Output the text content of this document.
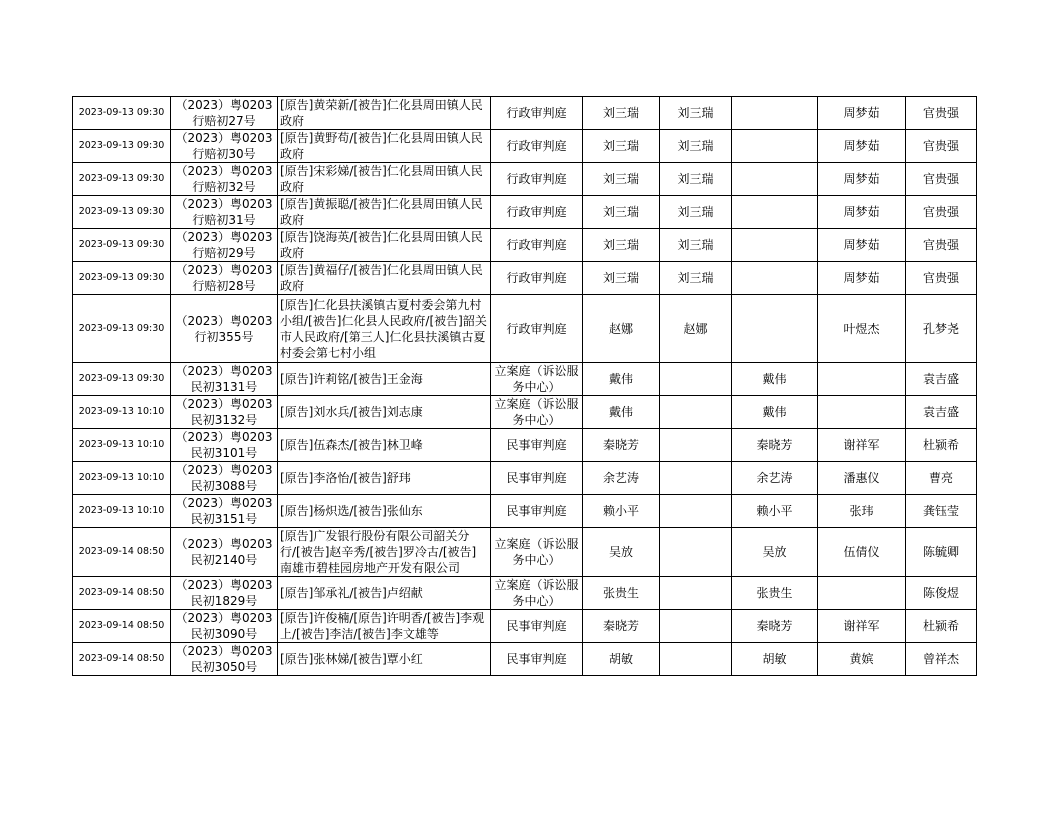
2023-09-13 09:30	（2023）粤0203行赔初27号	[原告]黄荣新/[被告]仁化县周田镇人民政府	行政审判庭	刘三瑞	刘三瑞		周梦茹	官贵强
2023-09-13 09:30	（2023）粤0203行赔初30号	[原告]黄野苟/[被告]仁化县周田镇人民政府	行政审判庭	刘三瑞	刘三瑞		周梦茹	官贵强
2023-09-13 09:30	（2023）粤0203行赔初32号	[原告]宋彩娣/[被告]仁化县周田镇人民政府	行政审判庭	刘三瑞	刘三瑞		周梦茹	官贵强
2023-09-13 09:30	（2023）粤0203行赔初31号	[原告]黄振聪/[被告]仁化县周田镇人民政府	行政审判庭	刘三瑞	刘三瑞		周梦茹	官贵强
2023-09-13 09:30	（2023）粤0203行赔初29号	[原告]饶海英/[被告]仁化县周田镇人民政府	行政审判庭	刘三瑞	刘三瑞		周梦茹	官贵强
2023-09-13 09:30	（2023）粤0203行赔初28号	[原告]黄福仔/[被告]仁化县周田镇人民政府	行政审判庭	刘三瑞	刘三瑞		周梦茹	官贵强
2023-09-13 09:30	（2023）粤0203行初355号	[原告]仁化县扶溪镇古夏村委会第九村小组/[被告]仁化县人民政府/[被告]韶关市人民政府/[第三人]仁化县扶溪镇古夏村委会第七村小组	行政审判庭	赵娜	赵娜		叶煜杰	孔梦尧
2023-09-13 09:30	（2023）粤0203民初3131号	[原告]许莉铭/[被告]王金海	立案庭（诉讼服务中心）	戴伟		戴伟		袁吉盛
2023-09-13 10:10	（2023）粤0203民初3132号	[原告]刘水兵/[被告]刘志康	立案庭（诉讼服务中心）	戴伟		戴伟		袁吉盛
2023-09-13 10:10	（2023）粤0203民初3101号	[原告]伍森杰/[被告]林卫峰	民事审判庭	秦晓芳		秦晓芳	谢祥军	杜颍希
2023-09-13 10:10	（2023）粤0203民初3088号	[原告]李洛怡/[被告]舒玮	民事审判庭	余艺涛		余艺涛	潘惠仪	曹亮
2023-09-13 10:10	（2023）粤0203民初3151号	[原告]杨炽选/[被告]张仙东	民事审判庭	赖小平		赖小平	张玮	龚钰莹
2023-09-14 08:50	（2023）粤0203民初2140号	[原告]广发银行股份有限公司韶关分行/[被告]赵辛秀/[被告]罗冷古/[被告]南雄市碧桂园房地产开发有限公司	立案庭（诉讼服务中心）	吴放		吴放	伍倩仪	陈毓卿
2023-09-14 08:50	（2023）粤0203民初1829号	[原告]邹承礼/[被告]卢绍献	立案庭（诉讼服务中心）	张贵生		张贵生		陈俊煜
2023-09-14 08:50	（2023）粤0203民初3090号	[原告]许俊楠/[原告]许明香/[被告]李观上/[被告]李洁/[被告]李文雄等	民事审判庭	秦晓芳		秦晓芳	谢祥军	杜颍希
2023-09-14 08:50	（2023）粤0203民初3050号	[原告]张林娣/[被告]覃小红	民事审判庭	胡敏		胡敏	黄嫔	曾祥杰
